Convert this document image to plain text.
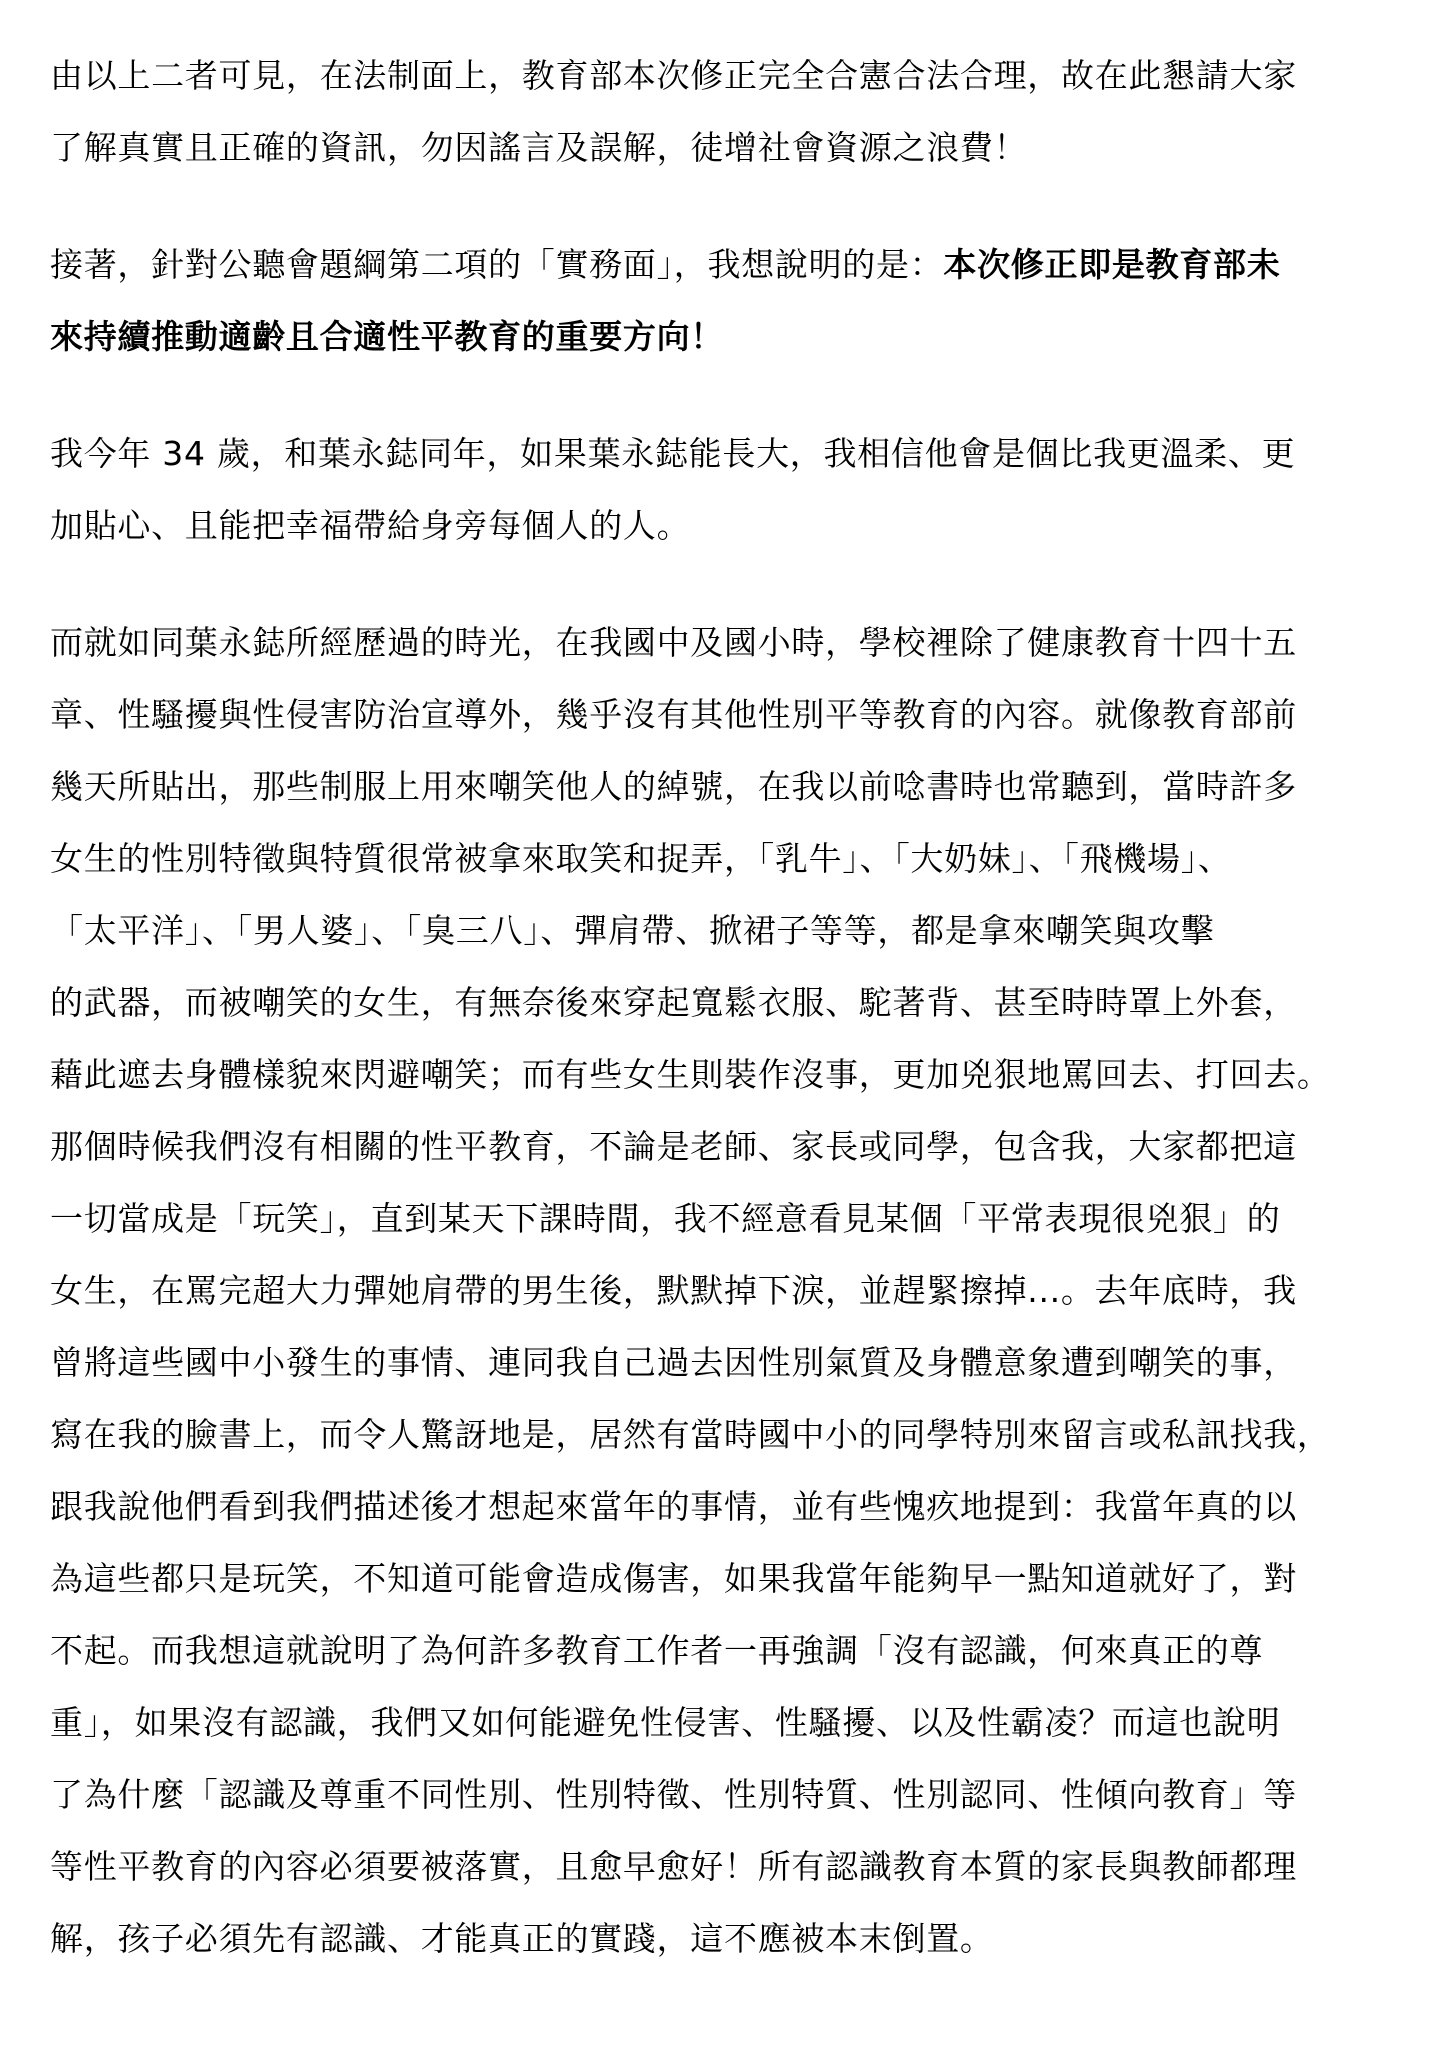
由以上二者可見，在法制面上，教育部本次修正完全合憲合法合理，故在此懇請大家
了解真實且正確的資訊，勿因謠言及誤解，徒增社會資源之浪費！
接著，針對公聽會題綱第二項的「實務面」，我想說明的是：本次修正即是教育部未
來持續推動適齡且合適性平教育的重要方向！
我今年 34 歲，和葉永鋕同年，如果葉永鋕能長大，我相信他會是個比我更溫柔、更
加貼心、且能把幸福帶給身旁每個人的人。
而就如同葉永鋕所經歷過的時光，在我國中及國小時，學校裡除了健康教育十四十五
章、性騷擾與性侵害防治宣導外，幾乎沒有其他性別平等教育的內容。就像教育部前
幾天所貼出，那些制服上用來嘲笑他人的綽號，在我以前唸書時也常聽到，當時許多
女生的性別特徵與特質很常被拿來取笑和捉弄，「乳牛」、「大奶妹」、「飛機場」、
「太平洋」、「男人婆」、「臭三八」、彈肩帶、掀裙子等等，都是拿來嘲笑與攻擊
的武器，而被嘲笑的女生，有無奈後來穿起寬鬆衣服、駝著背、甚至時時罩上外套，
藉此遮去身體樣貌來閃避嘲笑；而有些女生則裝作沒事，更加兇狠地罵回去、打回去。
那個時候我們沒有相關的性平教育，不論是老師、家長或同學，包含我，大家都把這
一切當成是「玩笑」，直到某天下課時間，我不經意看見某個「平常表現很兇狠」的
女生，在罵完超大力彈她肩帶的男生後，默默掉下淚，並趕緊擦掉...。去年底時，我
曾將這些國中小發生的事情、連同我自己過去因性別氣質及身體意象遭到嘲笑的事，
寫在我的臉書上，而令人驚訝地是，居然有當時國中小的同學特別來留言或私訊找我，
跟我說他們看到我們描述後才想起來當年的事情，並有些愧疚地提到：我當年真的以
為這些都只是玩笑，不知道可能會造成傷害，如果我當年能夠早一點知道就好了，對
不起。而我想這就說明了為何許多教育工作者一再強調「沒有認識，何來真正的尊
重」，如果沒有認識，我們又如何能避免性侵害、性騷擾、以及性霸凌？而這也說明
了為什麼「認識及尊重不同性別、性別特徵、性別特質、性別認同、性傾向教育」等
等性平教育的內容必須要被落實，且愈早愈好！所有認識教育本質的家長與教師都理
解，孩子必須先有認識、才能真正的實踐，這不應被本末倒置。
